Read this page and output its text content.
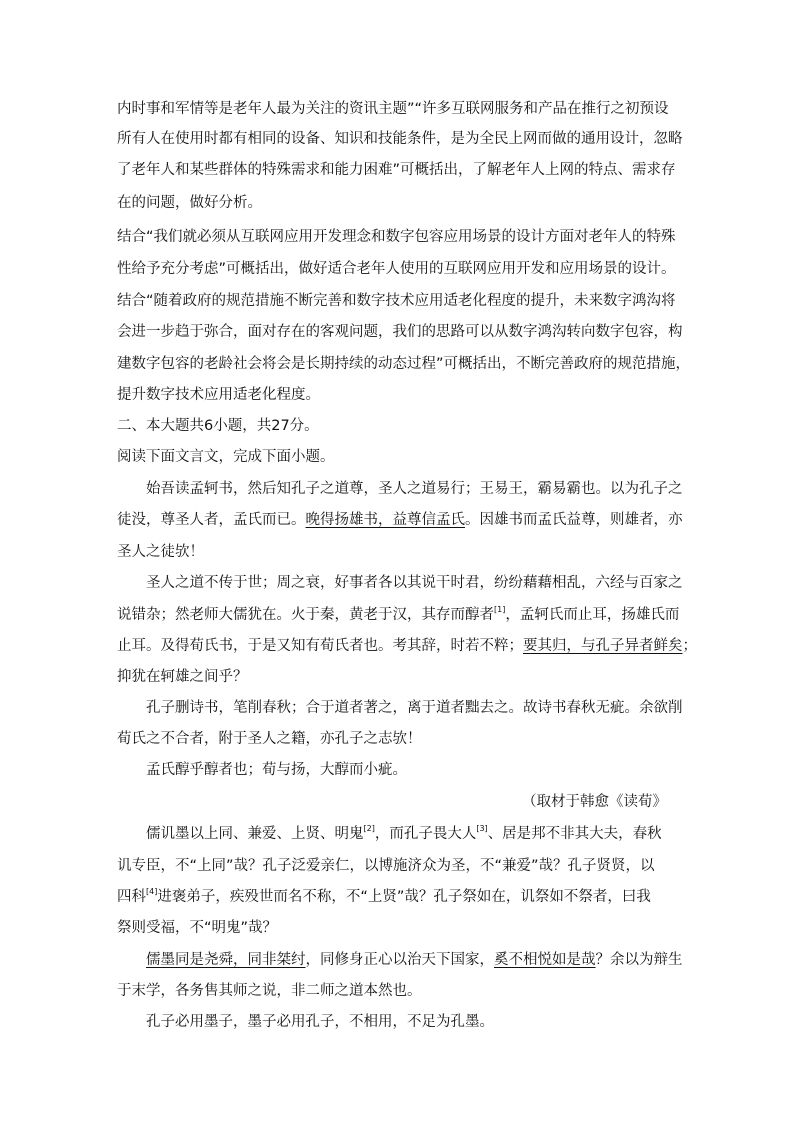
内时事和军情等是老年人最为关注的资讯主题”“许多互联网服务和产品在推行之初预设
所有人在使用时都有相同的设备、知识和技能条件，是为全民上网而做的通用设计，忽略
了老年人和某些群体的特殊需求和能力困难”可概括出，了解老年人上网的特点、需求存
在的问题，做好分析。
结合“我们就必须从互联网应用开发理念和数字包容应用场景的设计方面对老年人的特殊
性给予充分考虑”可概括出，做好适合老年人使用的互联网应用开发和应用场景的设计。
结合“随着政府的规范措施不断完善和数字技术应用适老化程度的提升，未来数字鸿沟将
会进一步趋于弥合，面对存在的客观问题，我们的思路可以从数字鸿沟转向数字包容，构
建数字包容的老龄社会将会是长期持续的动态过程”可概括出，不断完善政府的规范措施，
提升数字技术应用适老化程度。
二、本大题共6小题，共27分。
阅读下面文言文，完成下面小题。
始吾读孟轲书，然后知孔子之道尊，圣人之道易行；王易王，霸易霸也。以为孔子之
徒没，尊圣人者，孟氏而已。晚得扬雄书，益尊信孟氏。因雄书而孟氏益尊，则雄者，亦
圣人之徒欤！
圣人之道不传于世；周之衰，好事者各以其说干时君，纷纷藉藉相乱，六经与百家之
说错杂；然老师大儒犹在。火于秦，黄老于汉，其存而醇者[1]，孟轲氏而止耳，扬雄氏而
止耳。及得荀氏书，于是又知有荀氏者也。考其辞，时若不粹；要其归，与孔子异者鲜矣；
抑犹在轲雄之间乎？
孔子删诗书，笔削春秋；合于道者著之，离于道者黜去之。故诗书春秋无疵。余欲削
荀氏之不合者，附于圣人之籍，亦孔子之志欤！
孟氏醇乎醇者也；荀与扬，大醇而小疵。
（取材于韩愈《读荀》
儒讥墨以上同、兼爱、上贤、明鬼[2]，而孔子畏大人[3]、居是邦不非其大夫，春秋
讥专臣，不“上同”哉？孔子泛爱亲仁，以博施济众为圣，不“兼爱”哉？孔子贤贤，以
四科[4]进褒弟子，疾殁世而名不称，不“上贤”哉？孔子祭如在，讥祭如不祭者，曰我
祭则受福，不“明鬼”哉？
儒墨同是尧舜，同非桀纣，同修身正心以治天下国家，奚不相悦如是哉？余以为辩生
于末学，各务售其师之说，非二师之道本然也。
孔子必用墨子，墨子必用孔子，不相用，不足为孔墨。
